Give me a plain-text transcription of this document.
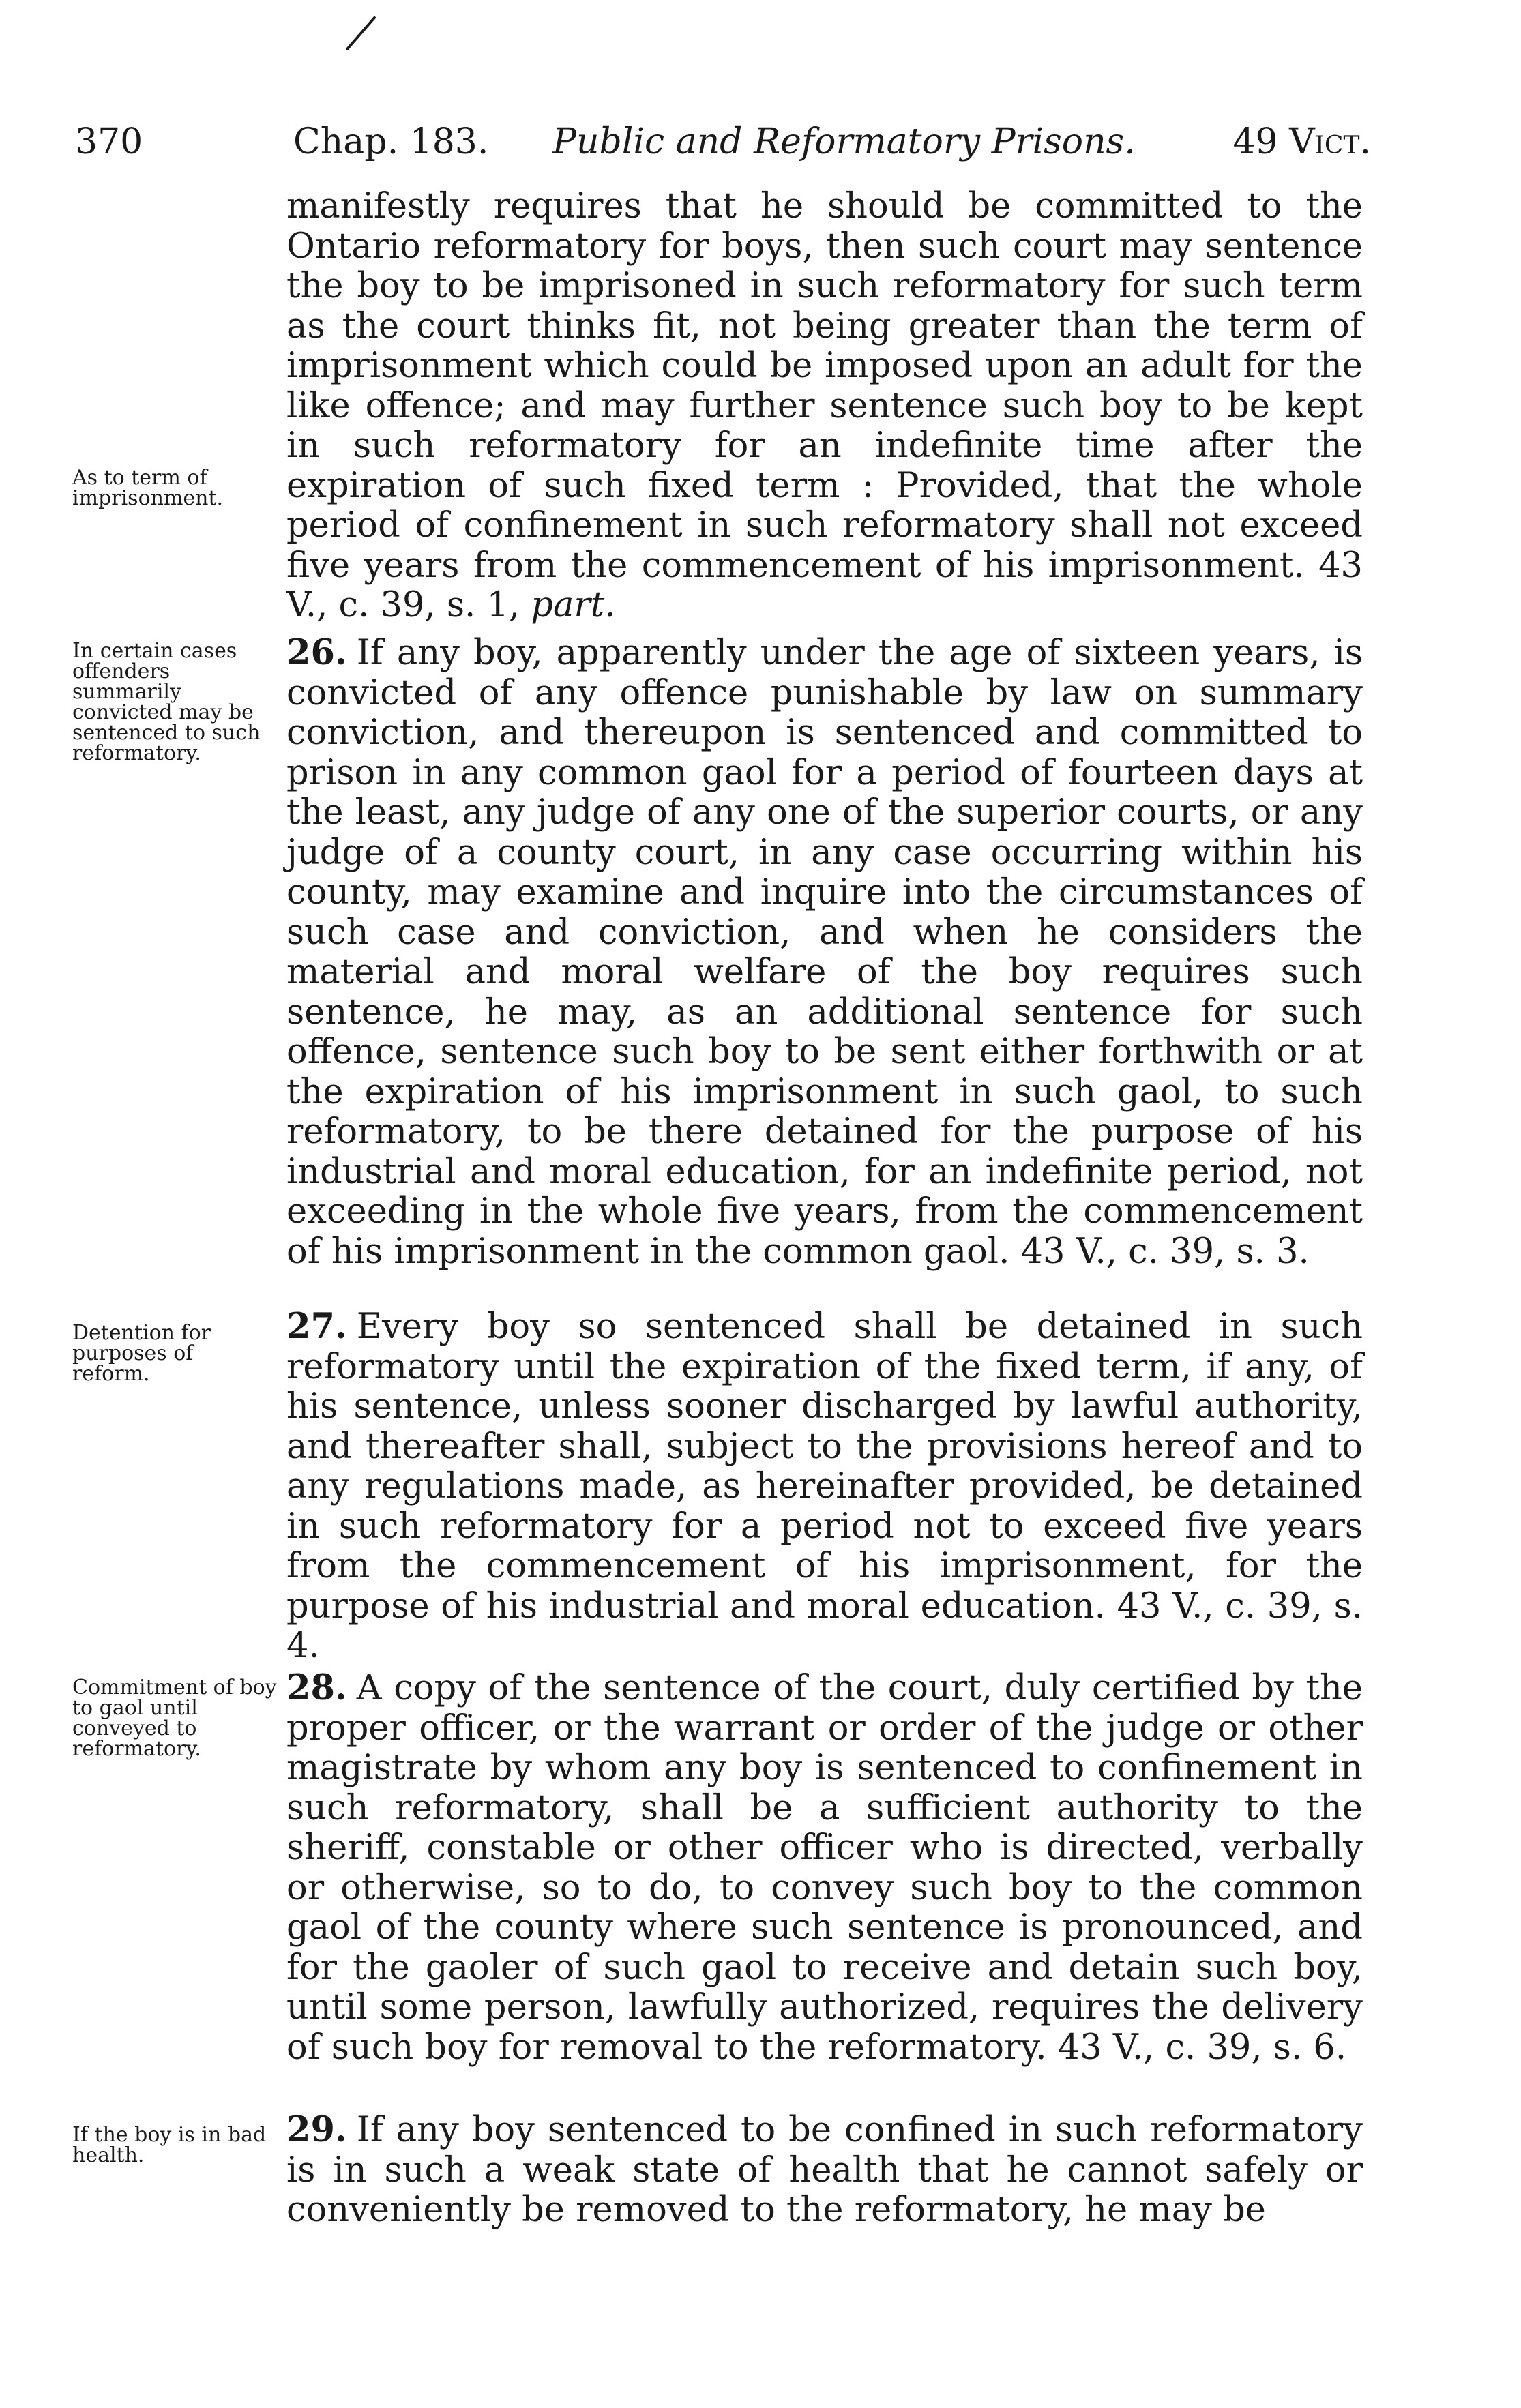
370	Chap. 183. Public and Reformatory Prisons.	49 Vict.
As to term of imprisonment.
manifestly requires that he should be committed to the Ontario reformatory for boys, then such court may sentence the boy to be imprisoned in such reformatory for such term as the court thinks fit, not being greater than the term of imprisonment which could be imposed upon an adult for the like offence; and may further sentence such boy to be kept in such reformatory for an indefinite time after the expiration of such fixed term : Provided, that the whole period of confinement in such reformatory shall not exceed five years from the commencement of his imprisonment. 43 V., c. 39, s. 1, part.
In certain cases offenders summarily convicted may be sentenced to such reformatory.
26. If any boy, apparently under the age of sixteen years, is convicted of any offence punishable by law on summary conviction, and thereupon is sentenced and committed to prison in any common gaol for a period of fourteen days at the least, any judge of any one of the superior courts, or any judge of a county court, in any case occurring within his county, may examine and inquire into the circumstances of such case and conviction, and when he considers the material and moral welfare of the boy requires such sentence, he may, as an additional sentence for such offence, sentence such boy to be sent either forthwith or at the expiration of his imprisonment in such gaol, to such reformatory, to be there detained for the purpose of his industrial and moral education, for an indefinite period, not exceeding in the whole five years, from the commencement of his imprisonment in the common gaol. 43 V., c. 39, s. 3.
Detention for purposes of reform.
27. Every boy so sentenced shall be detained in such reformatory until the expiration of the fixed term, if any, of his sentence, unless sooner discharged by lawful authority, and thereafter shall, subject to the provisions hereof and to any regulations made, as hereinafter provided, be detained in such reformatory for a period not to exceed five years from the commencement of his imprisonment, for the purpose of his industrial and moral education. 43 V., c. 39, s. 4.
Commitment of boy to gaol until conveyed to reformatory.
28. A copy of the sentence of the court, duly certified by the proper officer, or the warrant or order of the judge or other magistrate by whom any boy is sentenced to confinement in such reformatory, shall be a sufficient authority to the sheriff, constable or other officer who is directed, verbally or otherwise, so to do, to convey such boy to the common gaol of the county where such sentence is pronounced, and for the gaoler of such gaol to receive and detain such boy, until some person, lawfully authorized, requires the delivery of such boy for removal to the reformatory. 43 V., c. 39, s. 6.
If the boy is in bad health.
29. If any boy sentenced to be confined in such reformatory is in such a weak state of health that he cannot safely or conveniently be removed to the reformatory, he may be
